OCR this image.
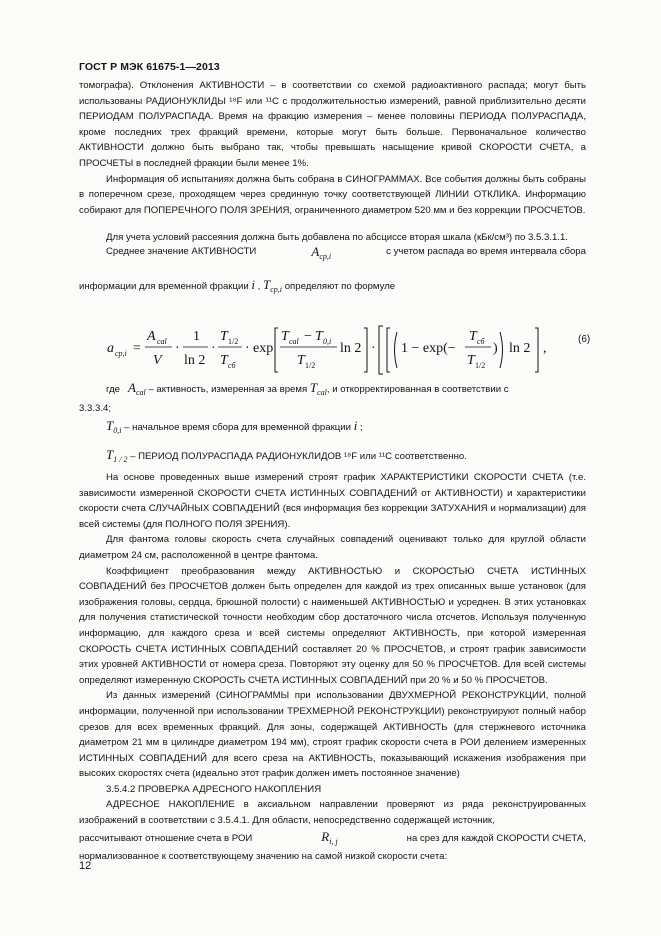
ГОСТ Р МЭК 61675-1—2013

томографа). Отклонения АКТИВНОСТИ – в соответствии со схемой радиоактивного распада; могут быть использованы РАДИОНУКЛИДЫ ¹⁸F или ¹¹C с продолжительностью измерений, равной приблизительно десяти ПЕРИОДАМ ПОЛУРАСПАДА. Время на фракцию измерения – менее половины ПЕРИОДА ПОЛУРАСПАДА, кроме последних трех фракций времени, которые могут быть больше. Первоначальное количество АКТИВНОСТИ должно быть выбрано так, чтобы превышать насыщение кривой СКОРОСТИ СЧЕТА, а ПРОСЧЕТЫ в последней фракции были менее 1%.

Информация об испытаниях должна быть собрана в СИНОГРАММАХ. Все события должны быть собраны в поперечном срезе, проходящем через срединную точку соответствующей ЛИНИИ ОТКЛИКА. Информацию собирают для ПОПЕРЕЧНОГО ПОЛЯ ЗРЕНИЯ, ограниченного диаметром 520 мм и без коррекции ПРОСЧЕТОВ.

Для учета условий рассеяния должна быть добавлена по абсциссе вторая шкала (кБк/см³) по 3.5.3.1.1.

Среднее значение АКТИВНОСТИ	$A_{cp,i}$	с учетом распада во время интервала сбора
информации для временной фракции i , $T_{cp,i}$ определяют по формуле
a cp,i =
A cal
V
·
1
ln 2
·
T 1/2
T cб
· exp
T cal − T 0,i
T 1/2
ln 2 · 1 − exp(−
T cб
T 1/2
) ln 2 ,
(6)
где $A_{cal}$ – активность, измеренная за время $T_{cal}$, и откорректированная в соответствии с
3.3.3.4;
$T_{0,i}$ – начальное время сбора для временной фракции i ;
$T_{1 / 2}$ – ПЕРИОД ПОЛУРАСПАДА РАДИОНУКЛИДОВ ¹⁸F или ¹¹C соответственно.

На основе проведенных выше измерений строят график ХАРАКТЕРИСТИКИ СКОРОСТИ СЧЕТА (т.е. зависимости измеренной СКОРОСТИ СЧЕТА ИСТИННЫХ СОВПАДЕНИЙ от АКТИВНОСТИ) и характеристики скорости счета СЛУЧАЙНЫХ СОВПАДЕНИЙ (вся информация без коррекции ЗАТУХАНИЯ и нормализации) для всей системы (для ПОЛНОГО ПОЛЯ ЗРЕНИЯ).

Для фантома головы скорость счета случайных совпадений оценивают только для круглой области диаметром 24 см, расположенной в центре фантома.

Коэффициент преобразования между АКТИВНОСТЬЮ и СКОРОСТЬЮ СЧЕТА ИСТИННЫХ СОВПАДЕНИЙ без ПРОСЧЕТОВ должен быть определен для каждой из трех описанных выше установок (для изображения головы, сердца, брюшной полости) с наименьшей АКТИВНОСТЬЮ и усреднен. В этих установках для получения статистической точности необходим сбор достаточного числа отсчетов. Используя полученную информацию, для каждого среза и всей системы определяют АКТИВНОСТЬ, при которой измеренная СКОРОСТЬ СЧЕТА ИСТИННЫХ СОВПАДЕНИЙ составляет 20 % ПРОСЧЕТОВ, и строят график зависимости этих уровней АКТИВНОСТИ от номера среза. Повторяют эту оценку для 50 % ПРОСЧЕТОВ. Для всей системы определяют измеренную СКОРОСТЬ СЧЕТА ИСТИННЫХ СОВПАДЕНИЙ при 20 % и 50 % ПРОСЧЕТОВ.

Из данных измерений (СИНОГРАММЫ при использовании ДВУХМЕРНОЙ РЕКОНСТРУКЦИИ, полной информации, полученной при использовании ТРЕХМЕРНОЙ РЕКОНСТРУКЦИИ) реконструируют полный набор срезов для всех временных фракций. Для зоны, содержащей АКТИВНОСТЬ (для стержневого источника диаметром 21 мм в цилиндре диаметром 194 мм), строят график скорости счета в РОИ делением измеренных ИСТИННЫХ СОВПАДЕНИЙ для всего среза на АКТИВНОСТЬ, показывающий искажения изображения при высоких скоростях счета (идеально этот график должен иметь постоянное значение)

3.5.4.2 ПРОВЕРКА АДРЕСНОГО НАКОПЛЕНИЯ

АДРЕСНОЕ НАКОПЛЕНИЕ в аксиальном направлении проверяют из ряда реконструированных изображений в соответствии с 3.5.4.1. Для области, непосредственно содержащей источник,

рассчитывают отношение счета в РОИ	$R_{i, j}$	на срез для каждой СКОРОСТИ СЧЕТА,

нормализованное к соответствующему значению на самой низкой скорости счета:

12
